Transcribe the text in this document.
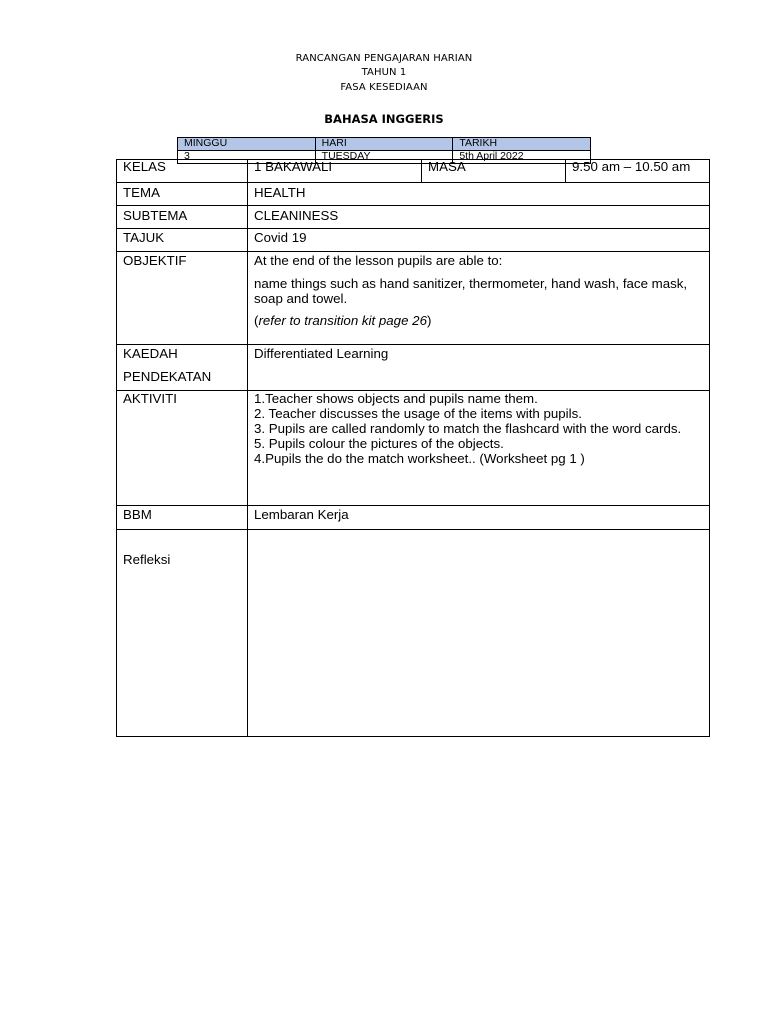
RANCANGAN PENGAJARAN HARIAN
TAHUN 1
FASA KESEDIAAN
BAHASA INGGERIS
MINGGU	HARI	TARIKH
3	TUESDAY	5th April 2022
KELAS	1 BAKAWALI	MASA	9.50 am – 10.50 am
TEMA	HEALTH		
SUBTEMA	CLEANINESS		
TAJUK	Covid 19		
OBJEKTIF	At the end of the lesson pupils are able to:

name things such as hand sanitizer, thermometer, hand wash, face mask, soap and towel.

(refer to transition kit page 26)		

KAEDAH

PENDEKATAN	Differentiated Learning		
AKTIVITI	1.Teacher shows objects and pupils name them.

2. Teacher discusses the usage of the items with pupils.

3. Pupils are called randomly to match the flashcard with the word cards.

5. Pupils colour the pictures of the objects.

4.Pupils the do the match worksheet.. (Worksheet pg 1 )		

BBM	Lembaran Kerja		
Refleksi			
